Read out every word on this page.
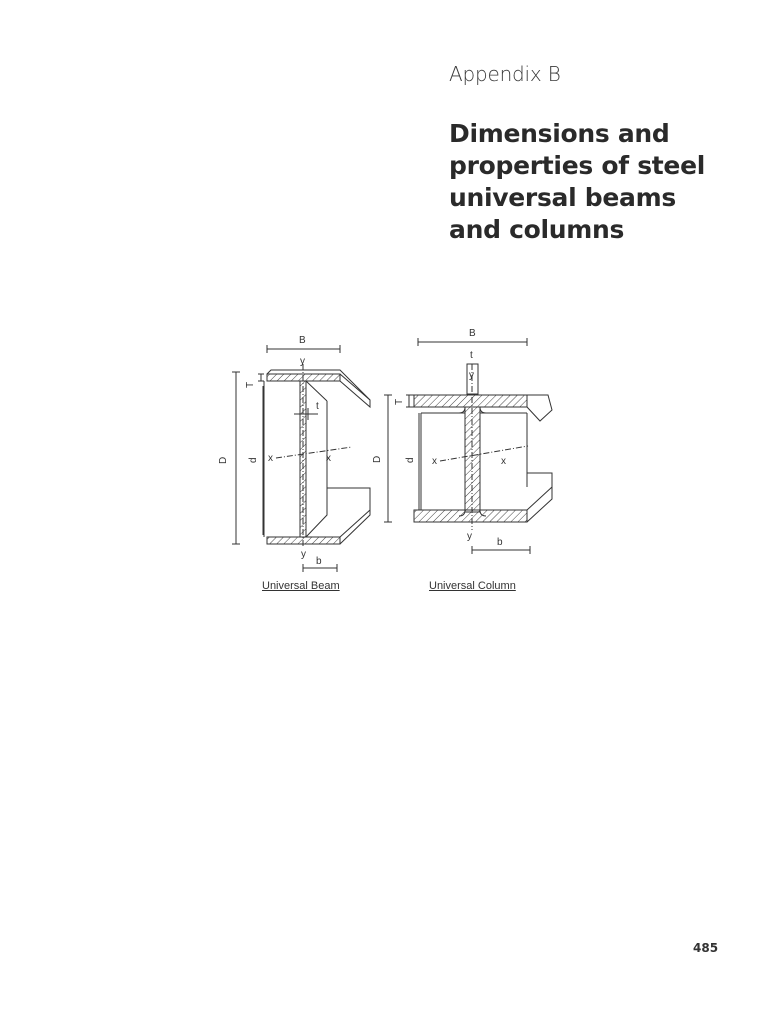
Appendix B
Dimensions and
properties of steel
universal beams
and columns
B
y
y
t
x	x
b
T
D d
B
t
y
y
x	x
b
T
D d
Universal Beam	Universal Column
485
